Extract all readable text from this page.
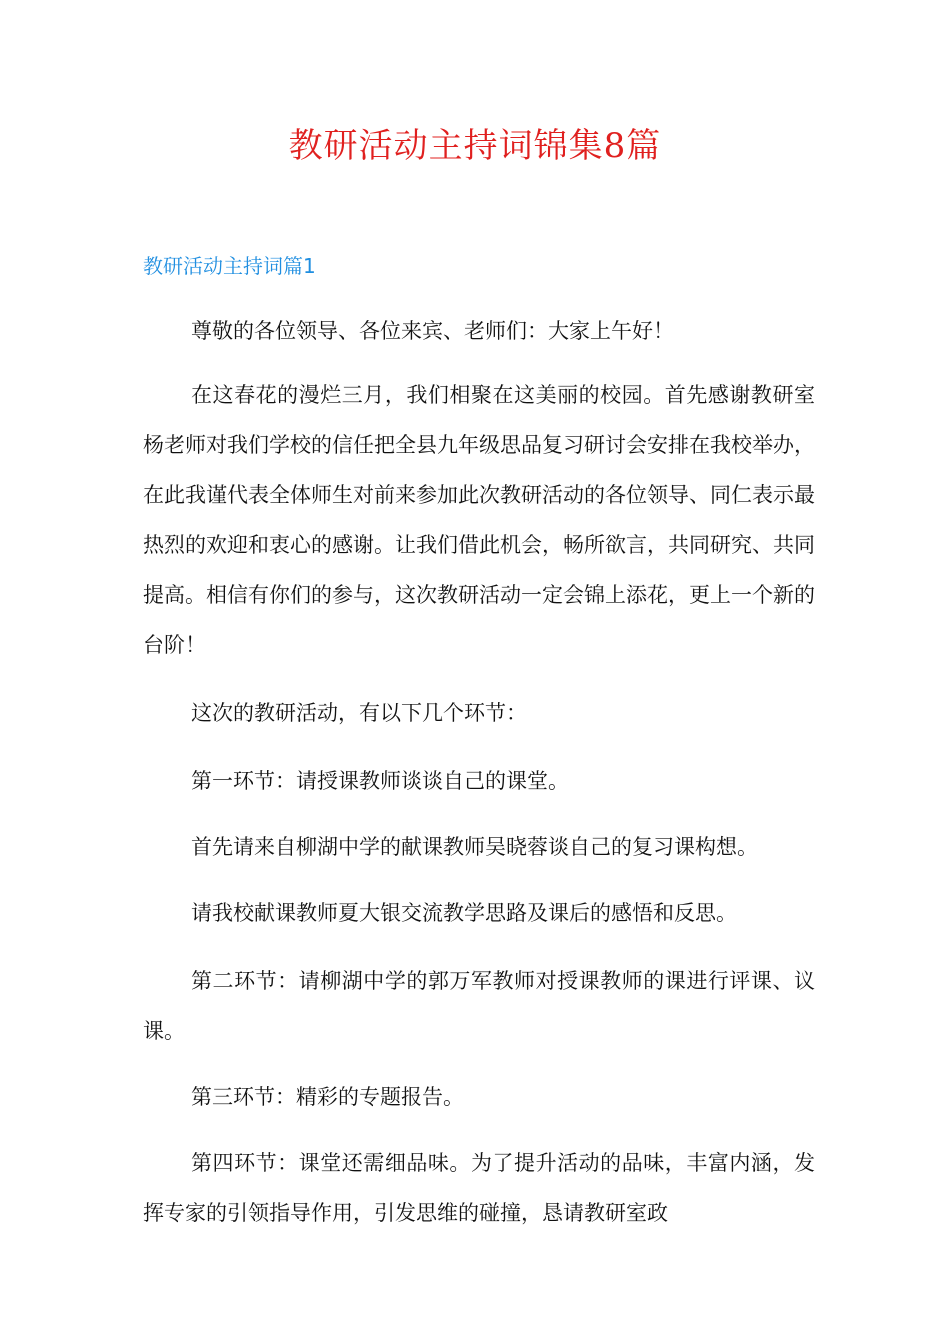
教研活动主持词锦集8篇
教研活动主持词篇1

尊敬的各位领导、各位来宾、老师们：大家上午好！

在这春花的漫烂三月，我们相聚在这美丽的校园。首先感谢教研室杨老师对我们学校的信任把全县九年级思品复习研讨会安排在我校举办，在此我谨代表全体师生对前来参加此次教研活动的各位领导、同仁表示最热烈的欢迎和衷心的感谢。让我们借此机会，畅所欲言，共同研究、共同提高。相信有你们的参与，这次教研活动一定会锦上添花，更上一个新的台阶！

这次的教研活动，有以下几个环节：

第一环节：请授课教师谈谈自己的课堂。

首先请来自柳湖中学的献课教师吴晓蓉谈自己的复习课构想。

请我校献课教师夏大银交流教学思路及课后的感悟和反思。

第二环节：请柳湖中学的郭万军教师对授课教师的课进行评课、议课。

第三环节：精彩的专题报告。

第四环节：课堂还需细品味。为了提升活动的品味，丰富内涵，发挥专家的引领指导作用，引发思维的碰撞，恳请教研室政
